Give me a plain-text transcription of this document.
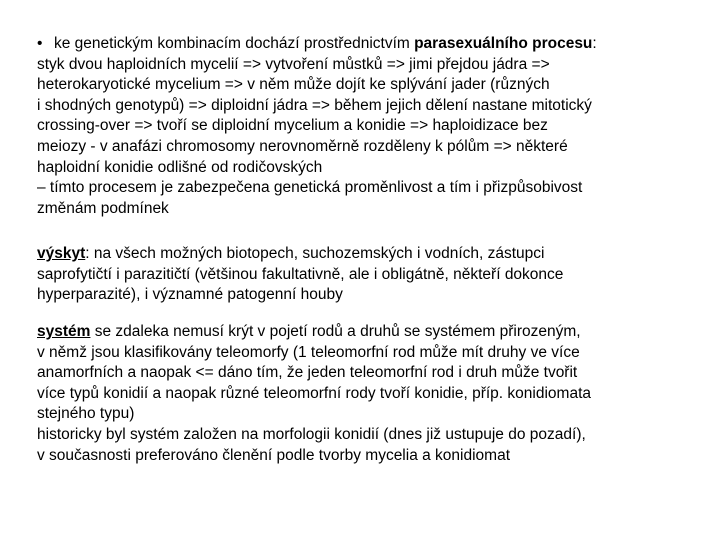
• ke genetickým kombinacím dochází prostřednictvím parasexuálního procesu:
styk dvou haploidních mycelií => vytvoření můstků => jimi přejdou jádra =>
heterokaryotické mycelium => v něm může dojít ke splývání jader (různých
i shodných genotypů) => diploidní jádra => během jejich dělení nastane mitotický
crossing-over => tvoří se diploidní mycelium a konidie => haploidizace bez
meiozy - v anafázi chromosomy nerovnoměrně rozděleny k pólům => některé
haploidní konidie odlišné od rodičovských
– tímto procesem je zabezpečena genetická proměnlivost a tím i přizpůsobivost
změnám podmínek
výskyt: na všech možných biotopech, suchozemských i vodních, zástupci
saprofytičtí i parazitičtí (většinou fakultativně, ale i obligátně, někteří dokonce
hyperparazité), i významné patogenní houby
systém se zdaleka nemusí krýt v pojetí rodů a druhů se systémem přirozeným,
v němž jsou klasifikovány teleomorfy (1 teleomorfní rod může mít druhy ve více
anamorfních a naopak <= dáno tím, že jeden teleomorfní rod i druh může tvořit
více typů konidií a naopak různé teleomorfní rody tvoří konidie, příp. konidiomata
stejného typu)
historicky byl systém založen na morfologii konidií (dnes již ustupuje do pozadí),
v současnosti preferováno členění podle tvorby mycelia a konidiomat
